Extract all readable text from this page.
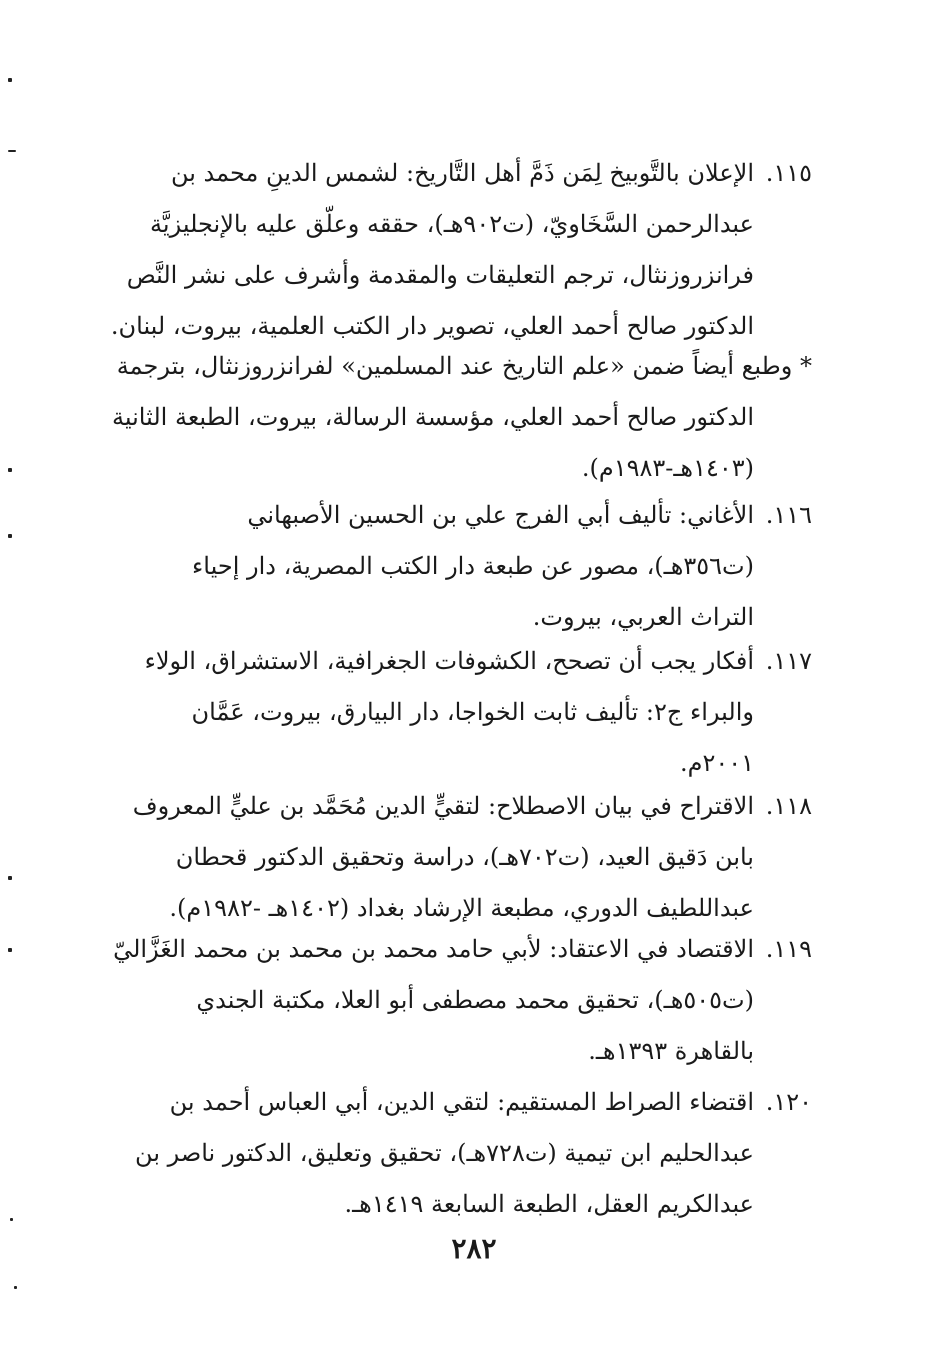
١١٥.
الإعلان بالتَّوبيخ لِمَن ذَمَّ أهل التَّاريخ: لشمس الدينِ محمد بن
عبدالرحمن السَّخَاويّ، (ت٩٠٢هـ)، حققه وعلّق عليه بالإنجليزيَّة
فرانزروزنثال، ترجم التعليقات والمقدمة وأشرف على نشر النَّص
الدكتور صالح أحمد العلي، تصوير دار الكتب العلمية، بيروت، لبنان.
* وطبع أيضاً ضمن «علم التاريخ عند المسلمين» لفرانزروزنثال، بترجمة
الدكتور صالح أحمد العلي، مؤسسة الرسالة، بيروت، الطبعة الثانية
(١٤٠٣هـ-١٩٨٣م).
١١٦.
الأغاني: تأليف أبي الفرج علي بن الحسين الأصبهاني
(ت٣٥٦هـ)، مصور عن طبعة دار الكتب المصرية، دار إحياء
التراث العربي، بيروت.
١١٧.
أفكار يجب أن تصحح، الكشوفات الجغرافية، الاستشراق، الولاء
والبراء ج٢: تأليف ثابت الخواجا، دار البيارق، بيروت، عَمَّان
٢٠٠١م.
١١٨.
الاقتراح في بيان الاصطلاح: لتقيٍّ الدين مُحَمَّد بن عليٍّ المعروف
بابن دَقيق العيد، (ت٧٠٢هـ)، دراسة وتحقيق الدكتور قحطان
عبداللطيف الدوري، مطبعة الإرشاد بغداد (١٤٠٢هـ -١٩٨٢م).
١١٩.
الاقتصاد في الاعتقاد: لأبي حامد محمد بن محمد بن محمد الغَزَّاليّ
(ت٥٠٥هـ)، تحقيق محمد مصطفى أبو العلا، مكتبة الجندي
بالقاهرة ١٣٩٣هـ.
١٢٠.
اقتضاء الصراط المستقيم: لتقي الدين، أبي العباس أحمد بن
عبدالحليم ابن تيمية (ت٧٢٨هـ)، تحقيق وتعليق، الدكتور ناصر بن
عبدالكريم العقل، الطبعة السابعة ١٤١٩هـ.
٢٨٢
